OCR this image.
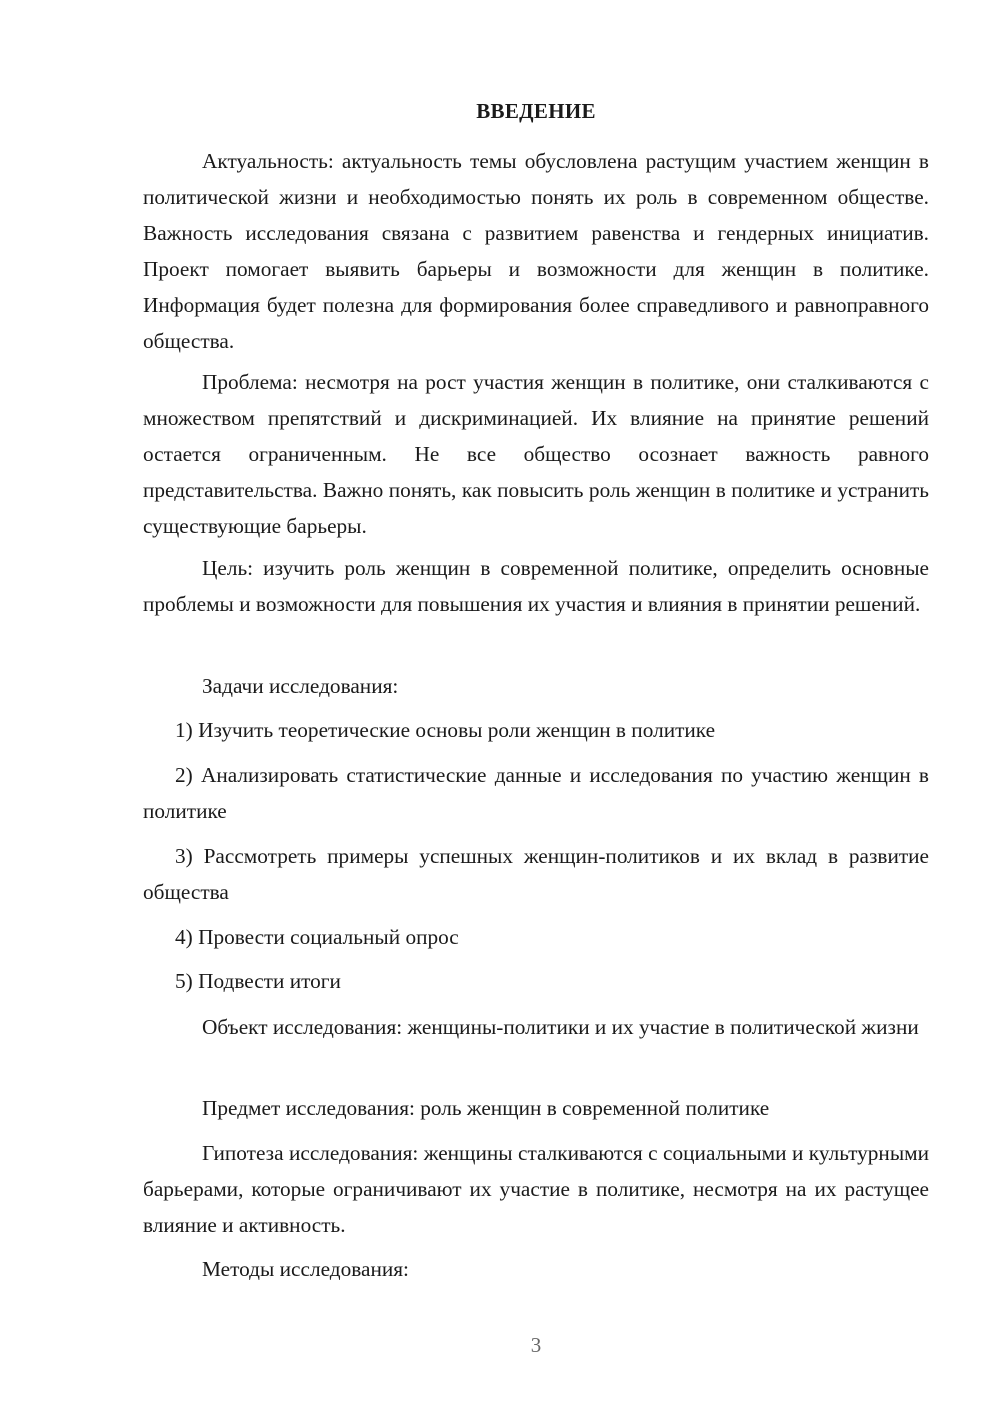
ВВЕДЕНИЕ

Актуальность: актуальность темы обусловлена растущим участием женщин в политической жизни и необходимостью понять их роль в современном обществе. Важность исследования связана с развитием равенства и гендерных инициатив. Проект помогает выявить барьеры и возможности для женщин в политике. Информация будет полезна для формирования более справедливого и равноправного общества.

Проблема: несмотря на рост участия женщин в политике, они сталкиваются с множеством препятствий и дискриминацией. Их влияние на принятие решений остается ограниченным. Не все общество осознает важность равного представительства. Важно понять, как повысить роль женщин в политике и устранить существующие барьеры.

Цель: изучить роль женщин в современной политике, определить основные проблемы и возможности для повышения их участия и влияния в принятии решений.

Задачи исследования:

1) Изучить теоретические основы роли женщин в политике

2) Анализировать статистические данные и исследования по участию женщин в политике

3) Рассмотреть примеры успешных женщин-политиков и их вклад в развитие общества

4) Провести социальный опрос

5) Подвести итоги

Объект исследования: женщины-политики и их участие в политической жизни

Предмет исследования: роль женщин в современной политике

Гипотеза исследования: женщины сталкиваются с социальными и культурными барьерами, которые ограничивают их участие в политике, несмотря на их растущее влияние и активность.

Методы исследования:

3
